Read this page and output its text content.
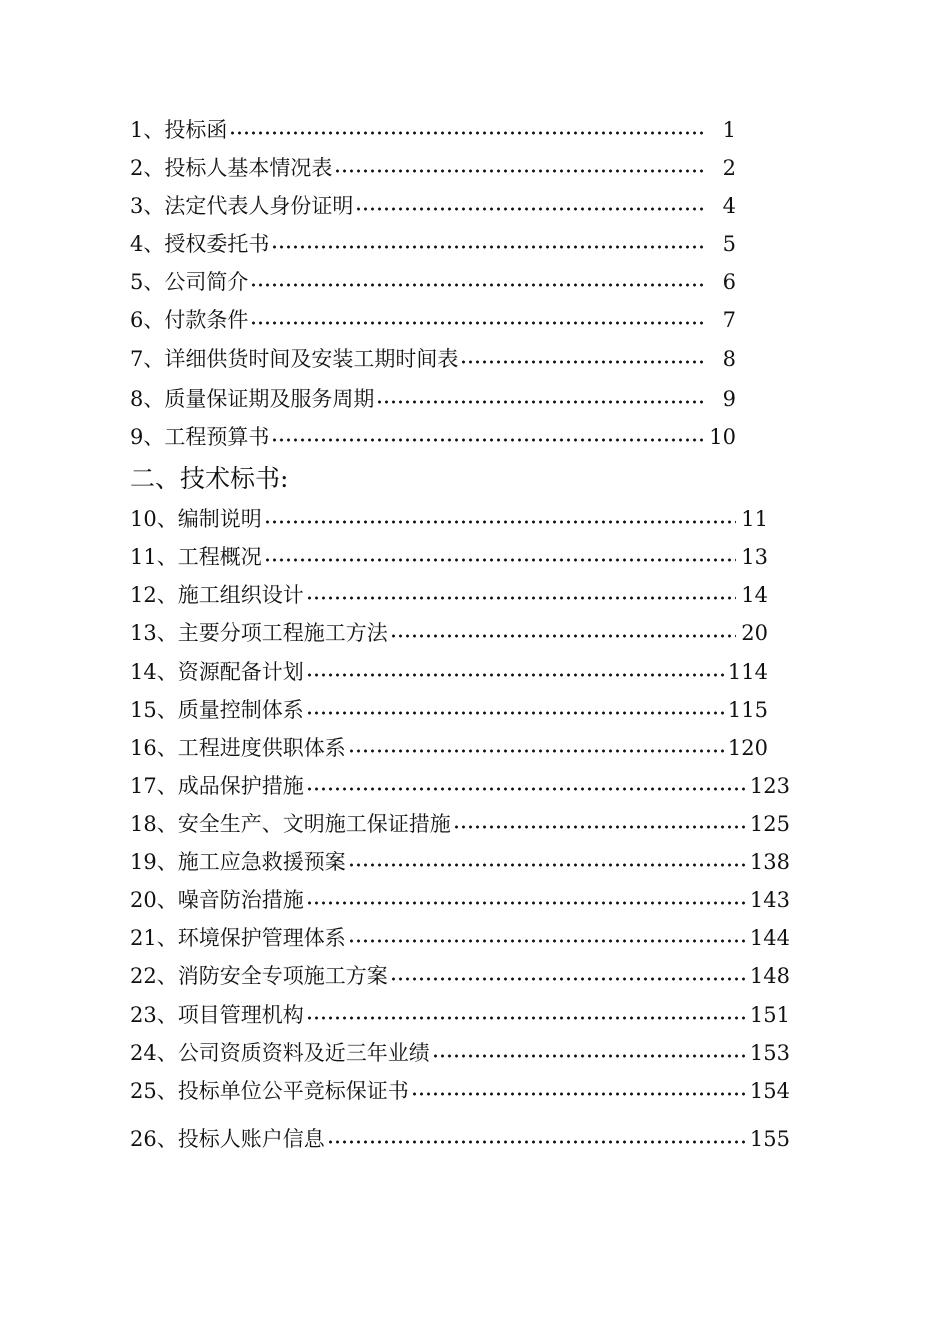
1、投标函	1
2、投标人基本情况表	2
3、法定代表人身份证明	4
4、授权委托书	5
5、公司简介	6
6、付款条件	7
7、详细供货时间及安装工期时间表	8
8、质量保证期及服务周期	9
9、工程预算书	10
二、技术标书:
10、编制说明	11
11、工程概况	13
12、施工组织设计	14
13、主要分项工程施工方法	20
14、资源配备计划	114
15、质量控制体系	115
16、工程进度供职体系	120
17、成品保护措施	123
18、安全生产、文明施工保证措施	125
19、施工应急救援预案	138
20、噪音防治措施	143
21、环境保护管理体系	144
22、消防安全专项施工方案	148
23、项目管理机构	151
24、公司资质资料及近三年业绩	153
25、投标单位公平竞标保证书	154
26、投标人账户信息	155
